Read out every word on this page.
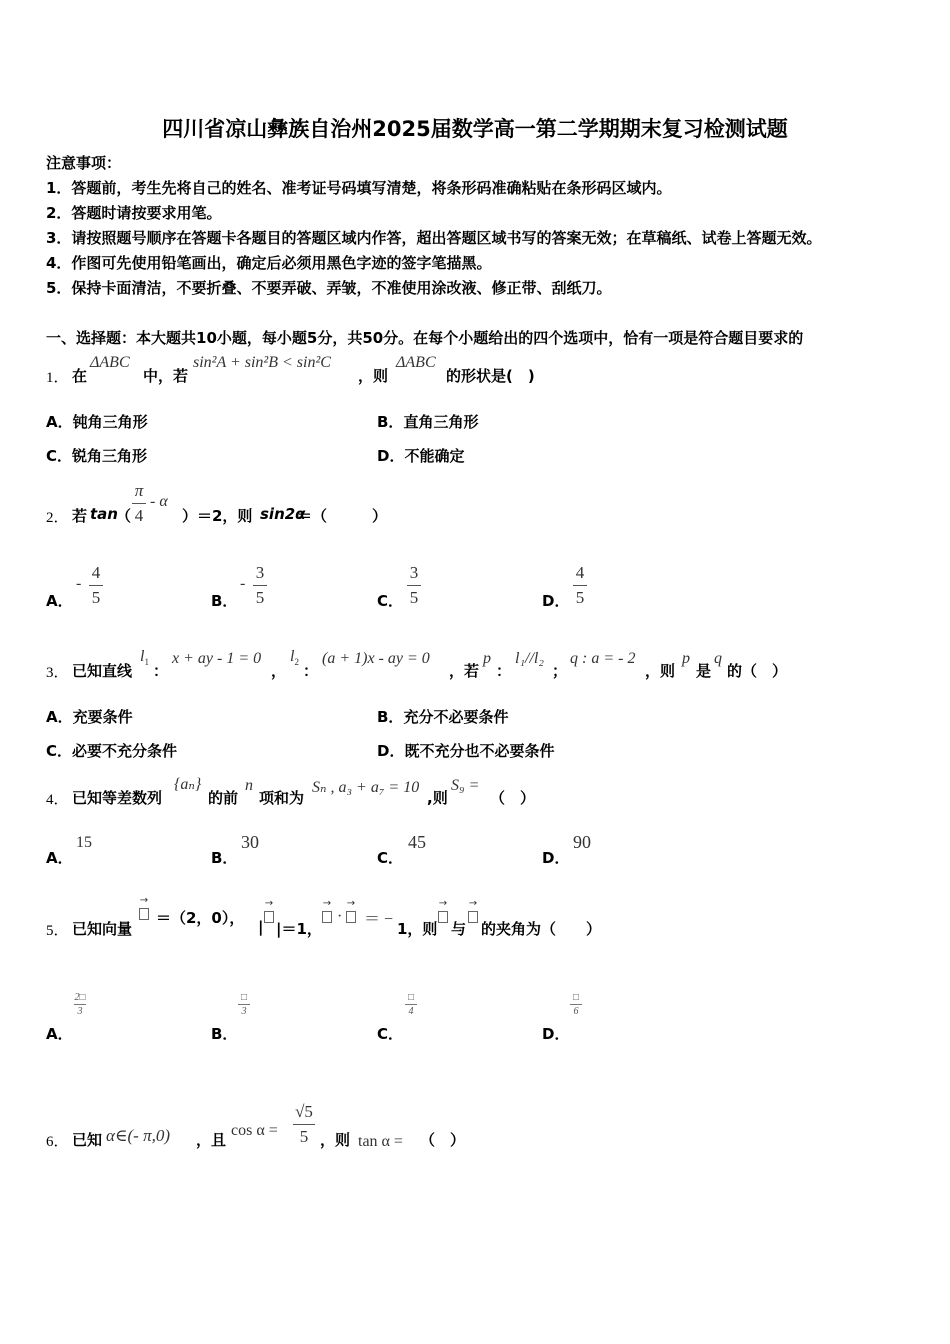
四川省凉山彝族自治州2025届数学高一第二学期期末复习检测试题
注意事项：
1．答题前，考生先将自己的姓名、准考证号码填写清楚，将条形码准确粘贴在条形码区域内。
2．答题时请按要求用笔。
3．请按照题号顺序在答题卡各题目的答题区域内作答，超出答题区域书写的答案无效；在草稿纸、试卷上答题无效。
4．作图可先使用铅笔画出，确定后必须用黑色字迹的签字笔描黑。
5．保持卡面清洁，不要折叠、不要弄破、弄皱，不准使用涂改液、修正带、刮纸刀。
一、选择题：本大题共10小题，每小题5分，共50分。在每个小题给出的四个选项中，恰有一项是符合题目要求的
1． 在
ΔABC
中，若
sin²A + sin²B < sin²C
，则
ΔABC
的形状是(　)
A．钝角三角形	B．直角三角形
C．锐角三角形	D．不能确定
2． 若 tan
（
π
4
- α
）＝2，则 sin2α
＝（　　　）
A．
-
4
5	B．
-
3
5	C．
3
5	D．
4
5
3． 已知直线
$l_1$ ：
x + ay - 1 = 0
，
$l_2$ ：
(a + 1)x - ay = 0
，若
p
：
l₁//l₂
；
q : a = - 2
，则
p
是
q
的（　）
A．充要条件	B．充分不必要条件
C．必要不充分条件	D．既不充分也不必要条件
4． 已知等差数列
{aₙ}
的前
n
项和为
Sₙ , a₃ + a₇ = 10
,则
S₉ =
（　）
A．
15
B．
30
C．
45
D．
90
5． 已知向量
→
＝（2，0）， |
→
|＝1，
→
·
→
＝ −
1，则
→
与
→
的夹角为（　　）
A．
2□
3
B．
□
3
C．
□
4
D．
□
6
6． 已知 α∈(- π,0) ，且
cos α =
√5
5 ，则 tan α = （　）
